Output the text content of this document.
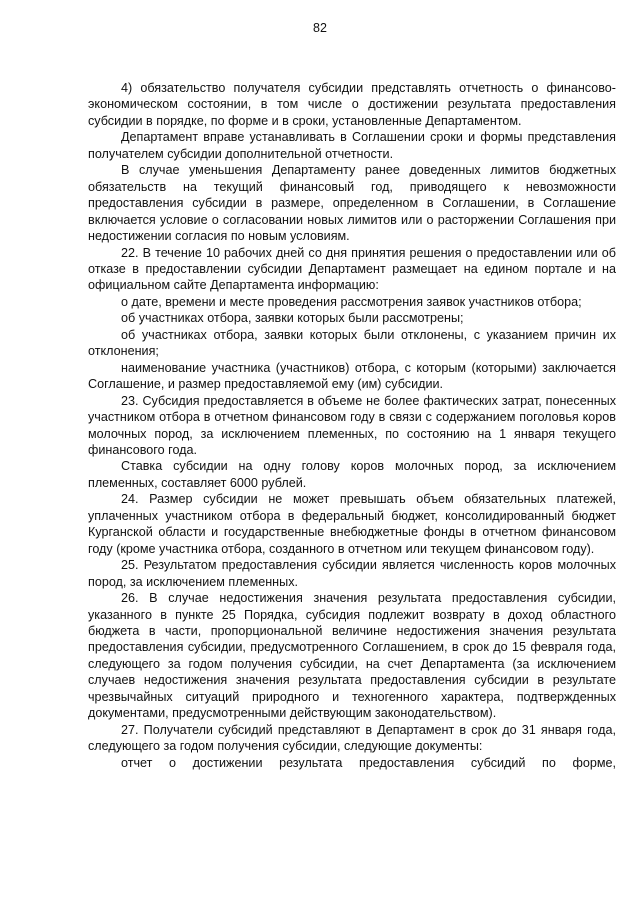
82

4) обязательство получателя субсидии представлять отчетность о финансово-экономическом состоянии, в том числе о достижении результата предоставления субсидии в порядке, по форме и в сроки, установленные Департаментом.

Департамент вправе устанавливать в Соглашении сроки и формы представления получателем субсидии дополнительной отчетности.

В случае уменьшения Департаменту ранее доведенных лимитов бюджетных обязательств на текущий финансовый год, приводящего к невозможности предоставления субсидии в размере, определенном в Соглашении, в Соглашение включается условие о согласовании новых лимитов или о расторжении Соглашения при недостижении согласия по новым условиям.

22. В течение 10 рабочих дней со дня принятия решения о предоставлении или об отказе в предоставлении субсидии Департамент размещает на едином портале и на официальном сайте Департамента информацию:

о дате, времени и месте проведения рассмотрения заявок участников отбора;

об участниках отбора, заявки которых были рассмотрены;

об участниках отбора, заявки которых были отклонены, с указанием причин их отклонения;

наименование участника (участников) отбора, с которым (которыми) заключается Соглашение, и размер предоставляемой ему (им) субсидии.

23. Субсидия предоставляется в объеме не более фактических затрат, понесенных участником отбора в отчетном финансовом году в связи с содержанием поголовья коров молочных пород, за исключением племенных, по состоянию на 1 января текущего финансового года.

Ставка субсидии на одну голову коров молочных пород, за исключением племенных, составляет 6000 рублей.

24. Размер субсидии не может превышать объем обязательных платежей, уплаченных участником отбора в федеральный бюджет, консолидированный бюджет Курганской области и государственные внебюджетные фонды в отчетном финансовом году (кроме участника отбора, созданного в отчетном или текущем финансовом году).

25. Результатом предоставления субсидии является численность коров молочных пород, за исключением племенных.

26. В случае недостижения значения результата предоставления субсидии, указанного в пункте 25 Порядка, субсидия подлежит возврату в доход областного бюджета в части, пропорциональной величине недостижения значения результата предоставления субсидии, предусмотренного Соглашением, в срок до 15 февраля года, следующего за годом получения субсидии, на счет Департамента (за исключением случаев недостижения значения результата предоставления субсидии в результате чрезвычайных ситуаций природного и техногенного характера, подтвержденных документами, предусмотренными действующим законодательством).

27. Получатели субсидий представляют в Департамент в срок до 31 января года, следующего за годом получения субсидии, следующие документы:

отчет о достижении результата предоставления субсидий по форме,
